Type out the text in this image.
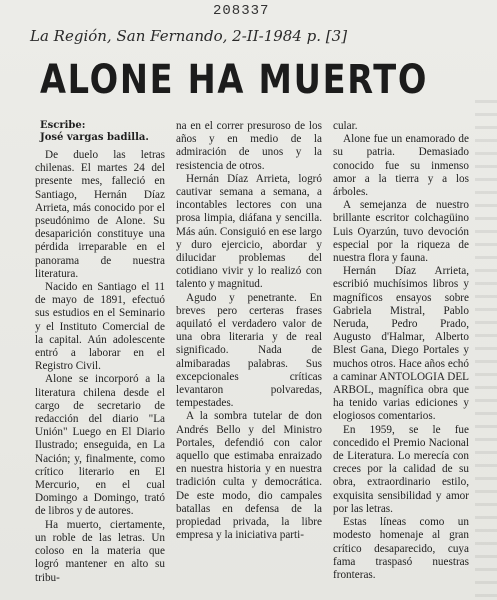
208337
La Región, San Fernando, 2-II-1984 p. [3]
ALONE HA MUERTO
Escribe:
José vargas badilla.

De duelo las letras chilenas. El martes 24 del presente mes, falleció en Santiago, Hernán Díaz Arrieta, más conocido por el pseudónimo de Alone. Su desaparición constituye una pérdida irreparable en el panorama de nuestra literatura.

Nacido en Santiago el 11 de mayo de 1891, efectuó sus estudios en el Seminario y el Instituto Comercial de la capital. Aún adolescente entró a laborar en el Registro Civil.

Alone se incorporó a la literatura chilena desde el cargo de secretario de redacción del diario "La Unión" Luego en El Diario Ilustrado; enseguida, en La Nación; y, finalmente, como crítico literario en El Mercurio, en el cual Domingo a Domingo, trató de libros y de autores.

Ha muerto, ciertamente, un roble de las letras. Un coloso en la materia que logró mantener en alto su tribu-

na en el correr presuroso de los años y en medio de la admiración de unos y la resistencia de otros.

Hernán Díaz Arrieta, logró cautivar semana a semana, a incontables lectores con una prosa limpia, diáfana y sencilla. Más aún. Consiguió en ese largo y duro ejercicio, abordar y dilucidar problemas del cotidiano vivir y lo realizó con talento y magnitud.

Agudo y penetrante. En breves pero certeras frases aquilató el verdadero valor de una obra literaria y de real significado. Nada de almibaradas palabras. Sus excepcionales críticas levantaron polvaredas, tempestades.

A la sombra tutelar de don Andrés Bello y del Ministro Portales, defendió con calor aquello que estimaba enraizado en nuestra historia y en nuestra tradición culta y democrática. De este modo, dio campales batallas en defensa de la propiedad privada, la libre empresa y la iniciativa parti-

cular.

Alone fue un enamorado de su patria. Demasiado conocido fue su inmenso amor a la tierra y a los árboles.

A semejanza de nuestro brillante escritor colchagüino Luis Oyarzún, tuvo devoción especial por la riqueza de nuestra flora y fauna.

Hernán Díaz Arrieta, escribió muchísimos libros y magníficos ensayos sobre Gabriela Mistral, Pablo Neruda, Pedro Prado, Augusto d'Halmar, Alberto Blest Gana, Diego Portales y muchos otros. Hace años echó a caminar ANTOLOGIA DEL ARBOL, magnífica obra que ha tenido varias ediciones y elogiosos comentarios.

En 1959, se le fue concedido el Premio Nacional de Literatura. Lo merecía con creces por la calidad de su obra, extraordinario estilo, exquisita sensibilidad y amor por las letras.

Estas líneas como un modesto homenaje al gran crítico desaparecido, cuya fama traspasó nuestras fronteras.
